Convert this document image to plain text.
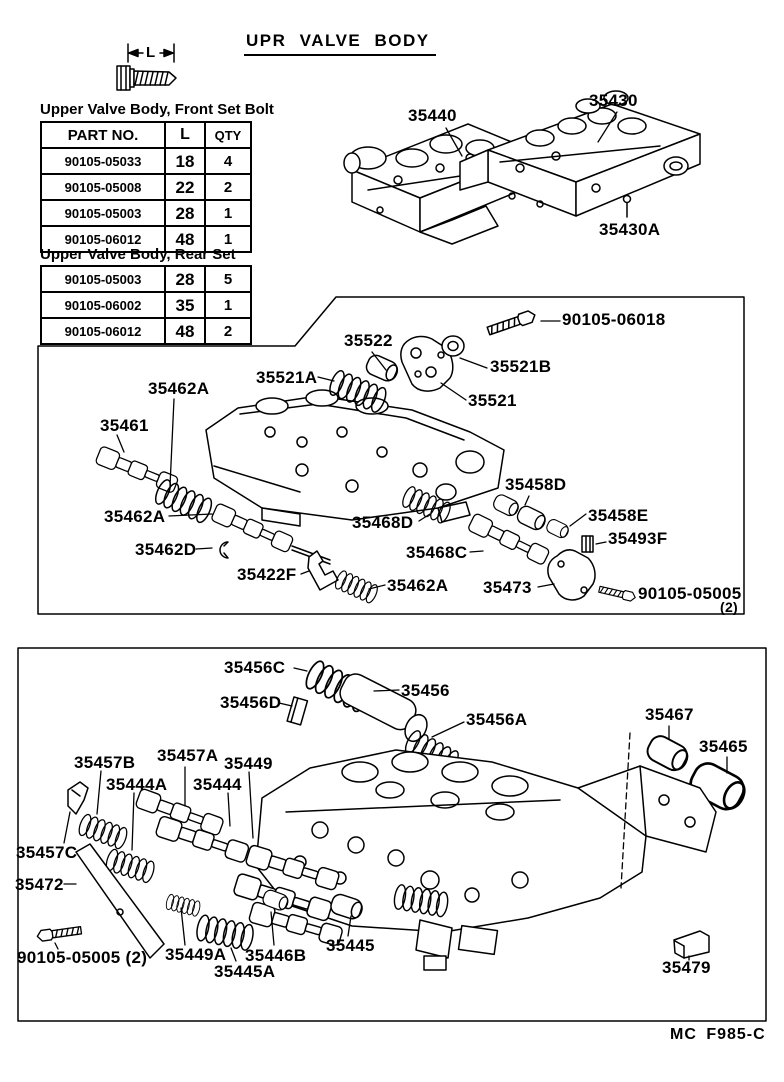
UPR VALVE BODY
L
Upper Valve Body, Front Set Bolt
PART NO.	L	QTY
90105-05033	18	4
90105-05008	22	2
90105-05003	28	1
90105-06012	48	1
Upper Valve Body, Rear Set
90105-05003	28	5
90105-06002	35	1
90105-06012	48	2
35440
35430
35430A
90105-06018
35522
35521A
35521B
35521
35462A
35461
35462A
35462D
35422F
35462A 35473
35468D
35468C
35458D
35458E
35493F
90105-05005
(2)
35456C
35456D
35456
35456A	35467
35465
35457B 35457A 35449
35444A 35444
35457C
35472
90105-05005 (2) 35449A 35446B
35445A
35445
35479
MC F985-C
